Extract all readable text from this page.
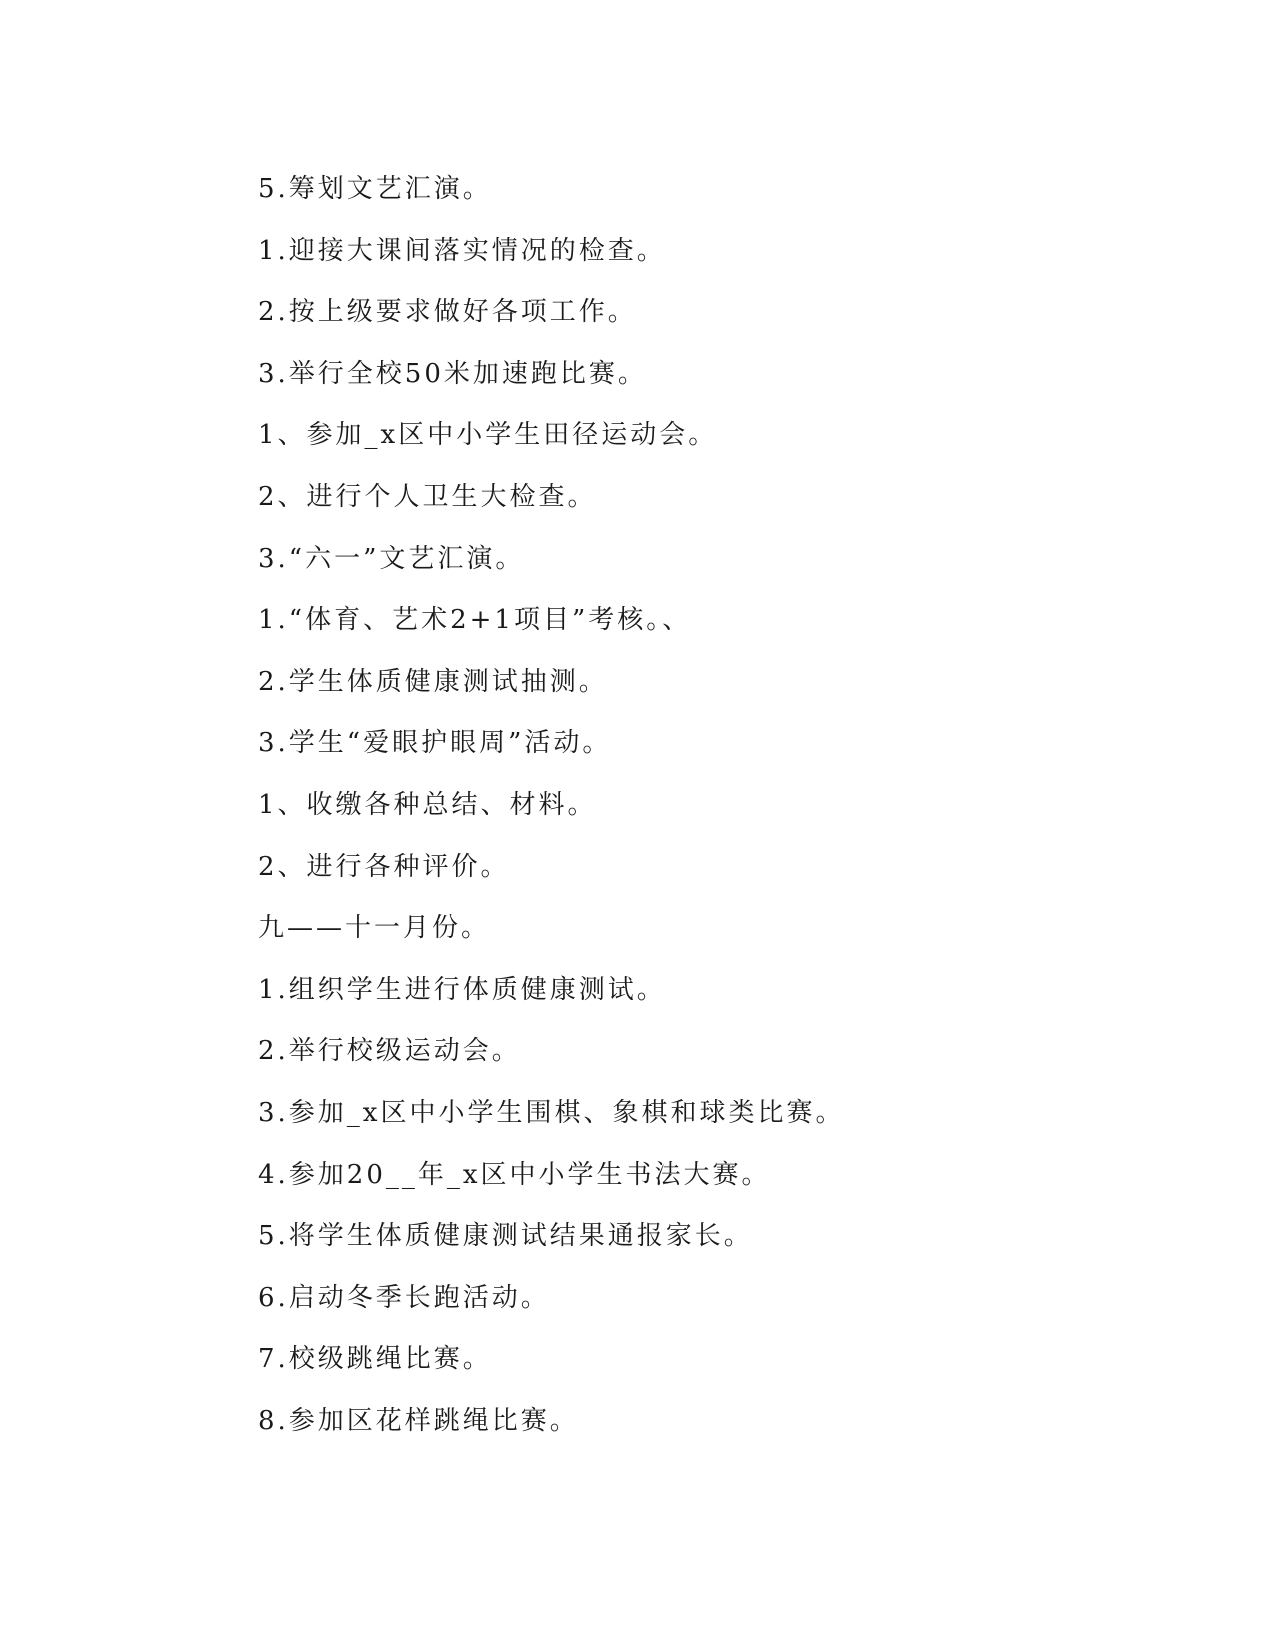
5.筹划文艺汇演。
1.迎接大课间落实情况的检查。
2.按上级要求做好各项工作。
3.举行全校50米加速跑比赛。
1、参加_x区中小学生田径运动会。
2、进行个人卫生大检查。
3.“六一”文艺汇演。
1.“体育、艺术2+1项目”考核。、
2.学生体质健康测试抽测。
3.学生“爱眼护眼周”活动。
1、收缴各种总结、材料。
2、进行各种评价。
九——十一月份。
1.组织学生进行体质健康测试。
2.举行校级运动会。
3.参加_x区中小学生围棋、象棋和球类比赛。
4.参加20__年_x区中小学生书法大赛。
5.将学生体质健康测试结果通报家长。
6.启动冬季长跑活动。
7.校级跳绳比赛。
8.参加区花样跳绳比赛。
